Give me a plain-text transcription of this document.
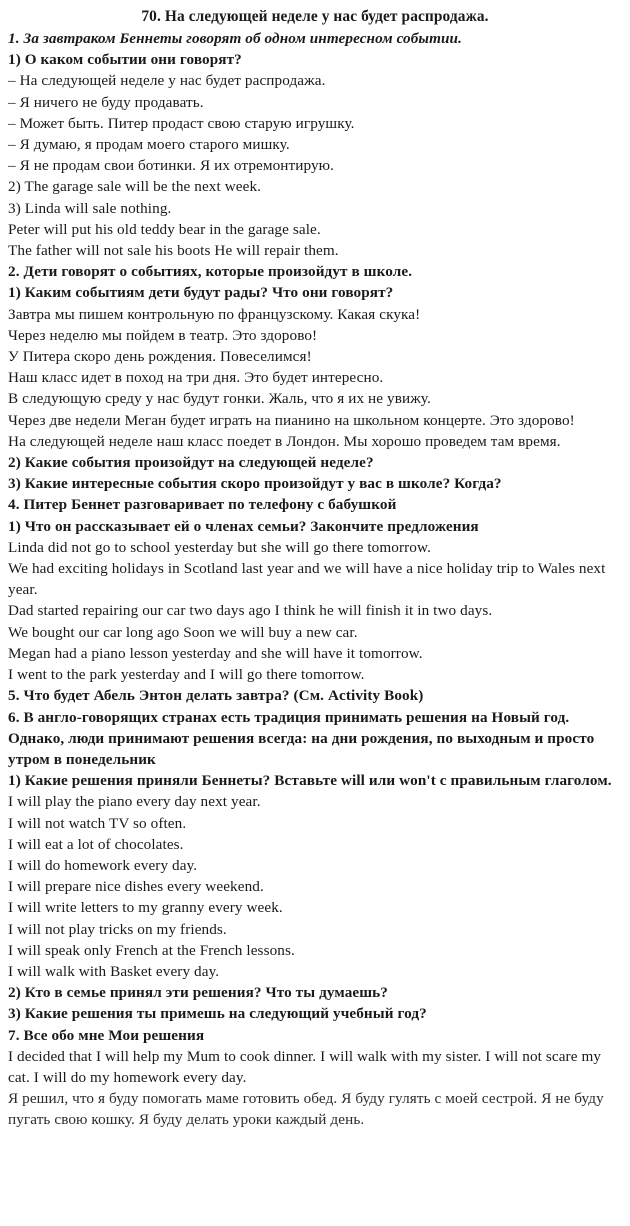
70. На следующей неделе у нас будет распродажа.
1. За завтраком Беннеты говорят об одном интересном событии.
1) О каком событии они говорят?
– На следующей неделе у нас будет распродажа.
– Я ничего не буду продавать.
– Может быть. Питер продаст свою старую игрушку.
– Я думаю, я продам моего старого мишку.
– Я не продам свои ботинки. Я их отремонтирую.
2) The garage sale will be the next week.
3) Linda will sale nothing.
Peter will put his old teddy bear in the garage sale.
The father will not sale his boots He will repair them.
2. Дети говорят о событиях, которые произойдут в школе.
1) Каким событиям дети будут рады? Что они говорят?
Завтра мы пишем контрольную по французскому. Какая скука!
Через неделю мы пойдем в театр. Это здорово!
У Питера скоро день рождения. Повеселимся!
Наш класс идет в поход на три дня. Это будет интересно.
В следующую среду у нас будут гонки. Жаль, что я их не увижу.
Через две недели Меган будет играть на пианино на школьном концерте. Это здорово!
На следующей неделе наш класс поедет в Лондон. Мы хорошо проведем там время.
2) Какие события произойдут на следующей неделе?
3) Какие интересные события скоро произойдут у вас в школе? Когда?
4. Питер Беннет разговаривает по телефону с бабушкой
1) Что он рассказывает ей о членах семьи? Закончите предложения
Linda did not go to school yesterday but she will go there tomorrow.
We had exciting holidays in Scotland last year and we will have a nice holiday trip to Wales next year.
Dad started repairing our car two days ago I think he will finish it in two days.
We bought our car long ago Soon we will buy a new car.
Megan had a piano lesson yesterday and she will have it tomorrow.
I went to the park yesterday and I will go there tomorrow.
5. Что будет Абель Энтон делать завтра? (См. Activity Book)
6. В англо-говорящих странах есть традиция принимать решения на Новый год. Однако, люди принимают решения всегда: на дни рождения, по выходным и просто утром в понедельник
1) Какие решения приняли Беннеты? Вставьте will или won't с правильным глаголом.
I will play the piano every day next year.
I will not watch TV so often.
I will eat a lot of chocolates.
I will do homework every day.
I will prepare nice dishes every weekend.
I will write letters to my granny every week.
I will not play tricks on my friends.
I will speak only French at the French lessons.
I will walk with Basket every day.
2) Кто в семье принял эти решения? Что ты думаешь?
3) Какие решения ты примешь на следующий учебный год?
7. Все обо мне Мои решения
I decided that I will help my Mum to cook dinner. I will walk with my sister. I will not scare my cat. I will do my homework every day.
Я решил, что я буду помогать маме готовить обед. Я буду гулять с моей сестрой. Я не буду пугать свою кошку. Я буду делать уроки каждый день.
